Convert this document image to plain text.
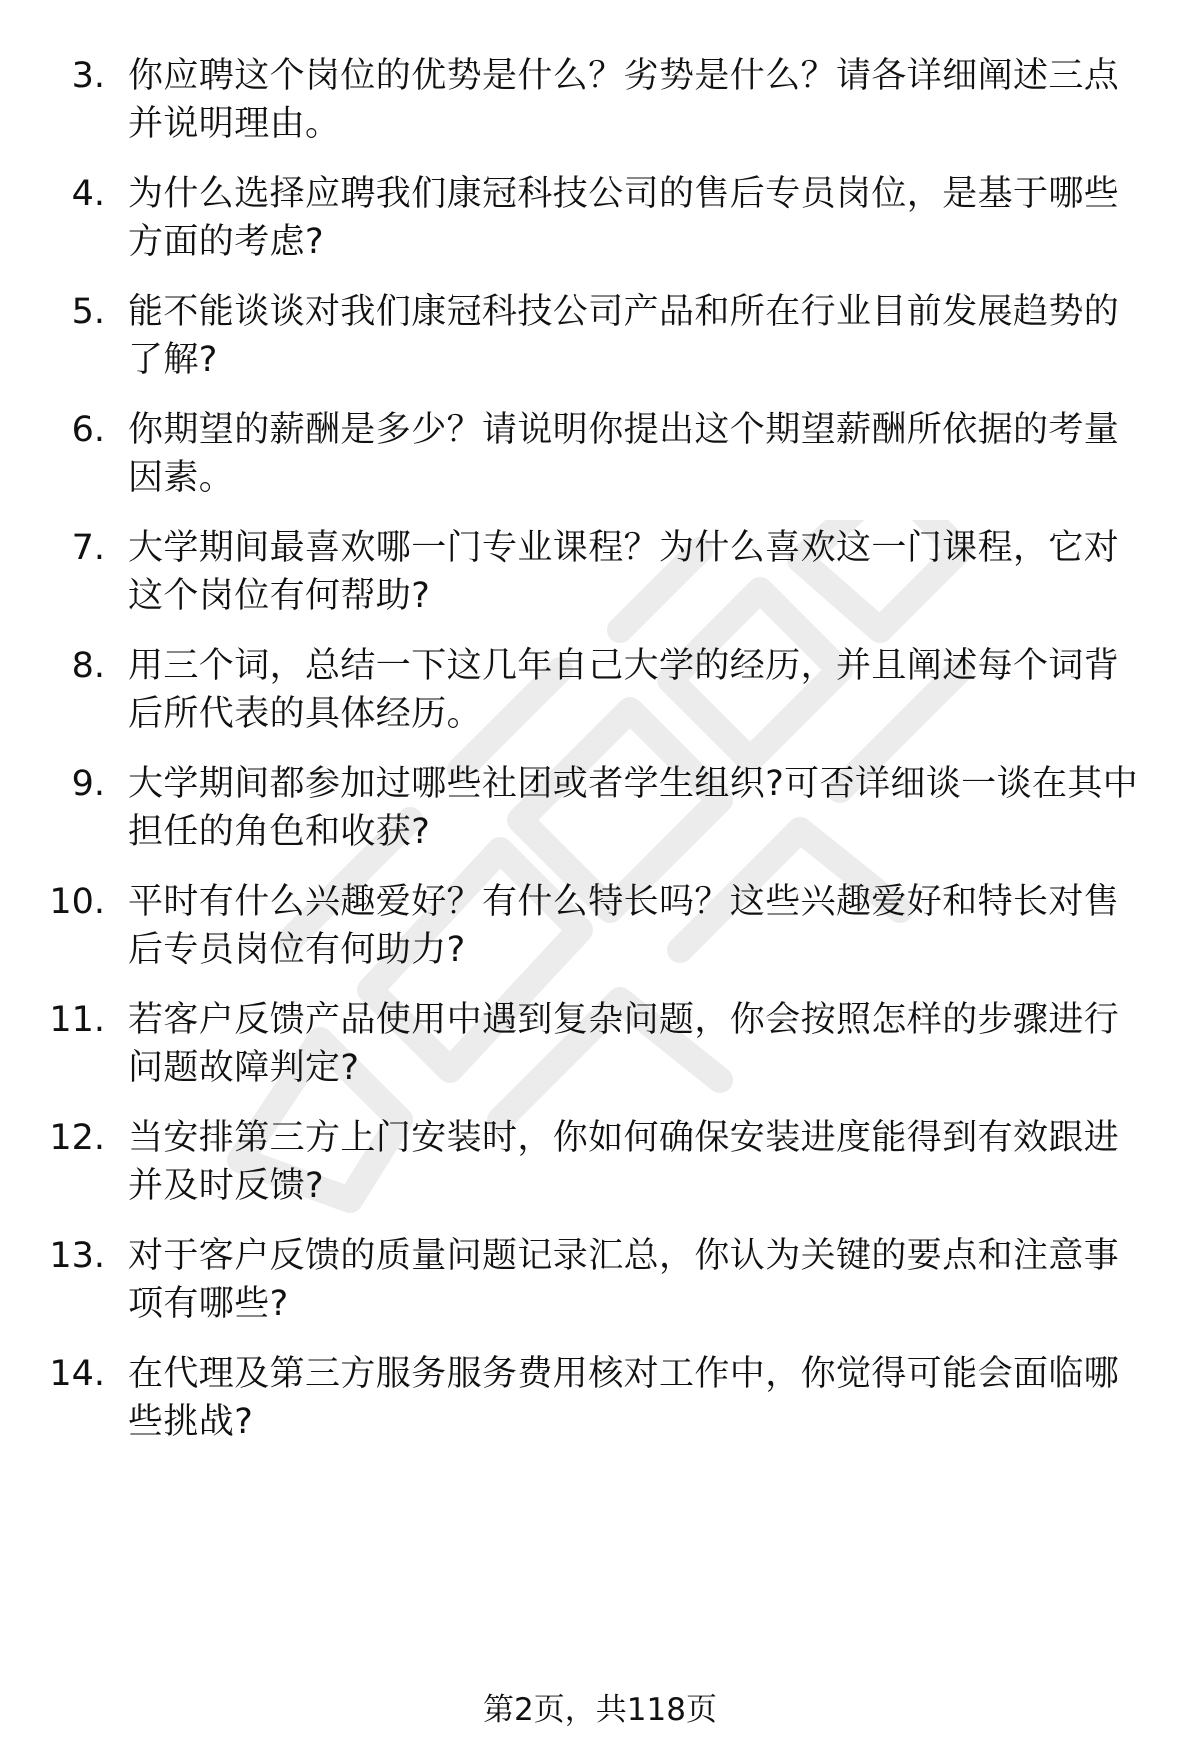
3. 你应聘这个岗位的优势是什么？劣势是什么？请各详细阐述三点
并说明理由。
4. 为什么选择应聘我们康冠科技公司的售后专员岗位，是基于哪些
方面的考虑?
5. 能不能谈谈对我们康冠科技公司产品和所在行业目前发展趋势的
了解?
6. 你期望的薪酬是多少？请说明你提出这个期望薪酬所依据的考量
因素。
7. 大学期间最喜欢哪一门专业课程？为什么喜欢这一门课程，它对
这个岗位有何帮助?
8. 用三个词，总结一下这几年自己大学的经历，并且阐述每个词背
后所代表的具体经历。
9. 大学期间都参加过哪些社团或者学生组织?可否详细谈一谈在其中
担任的角色和收获?
10. 平时有什么兴趣爱好？有什么特长吗？这些兴趣爱好和特长对售
后专员岗位有何助力?
11. 若客户反馈产品使用中遇到复杂问题，你会按照怎样的步骤进行
问题故障判定?
12. 当安排第三方上门安装时，你如何确保安装进度能得到有效跟进
并及时反馈?
13. 对于客户反馈的质量问题记录汇总，你认为关键的要点和注意事
项有哪些?
14. 在代理及第三方服务服务费用核对工作中，你觉得可能会面临哪
些挑战?
第2页，共118页
